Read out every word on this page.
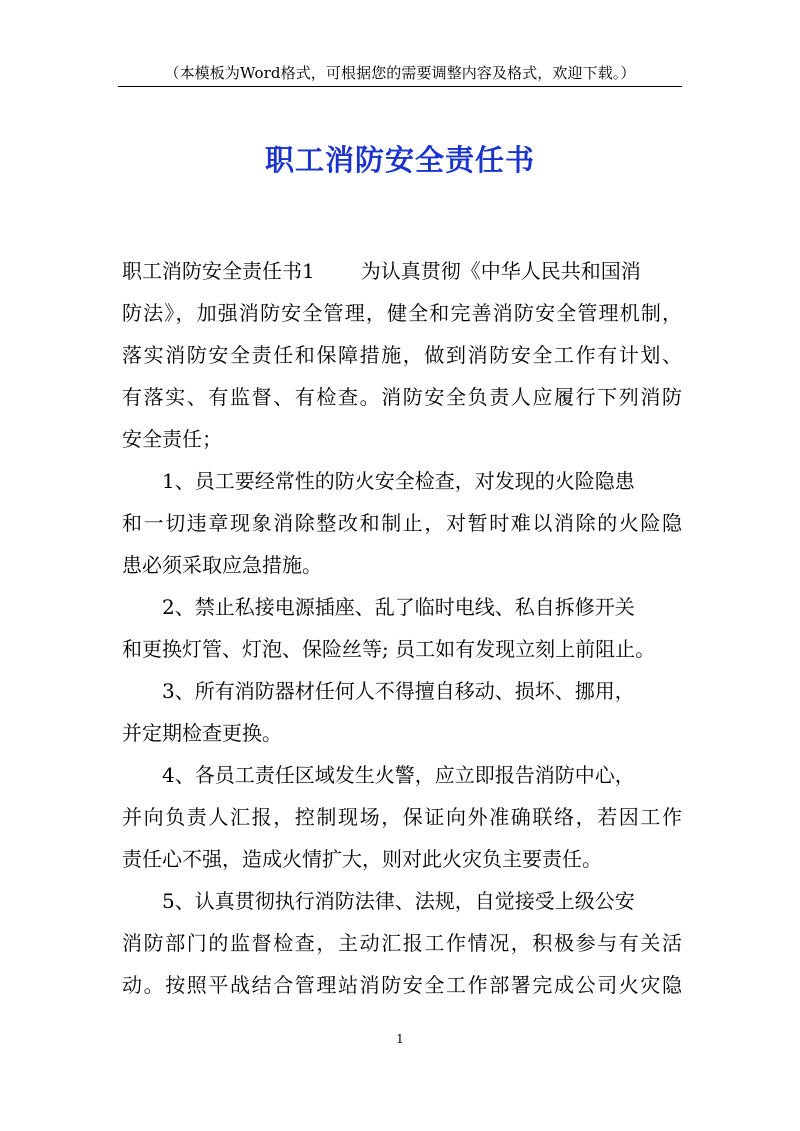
（本模板为Word格式，可根据您的需要调整内容及格式，欢迎下载。）
职工消防安全责任书
职工消防安全责任书1 为认真贯彻《中华人民共和国消
防法》，加强消防安全管理，健全和完善消防安全管理机制，
落实消防安全责任和保障措施，做到消防安全工作有计划、
有落实、有监督、有检查。消防安全负责人应履行下列消防
安全责任；
1、员工要经常性的防火安全检查，对发现的火险隐患
和一切违章现象消除整改和制止，对暂时难以消除的火险隐
患必须采取应急措施。
2、禁止私接电源插座、乱了临时电线、私自拆修开关
和更换灯管、灯泡、保险丝等; 员工如有发现立刻上前阻止。
3、所有消防器材任何人不得擅自移动、损坏、挪用，
并定期检查更换。
4、各员工责任区域发生火警，应立即报告消防中心，
并向负责人汇报，控制现场，保证向外准确联络，若因工作
责任心不强，造成火情扩大，则对此火灾负主要责任。
5、认真贯彻执行消防法律、法规，自觉接受上级公安
消防部门的监督检查，主动汇报工作情况，积极参与有关活
动。按照平战结合管理站消防安全工作部署完成公司火灾隐
1
